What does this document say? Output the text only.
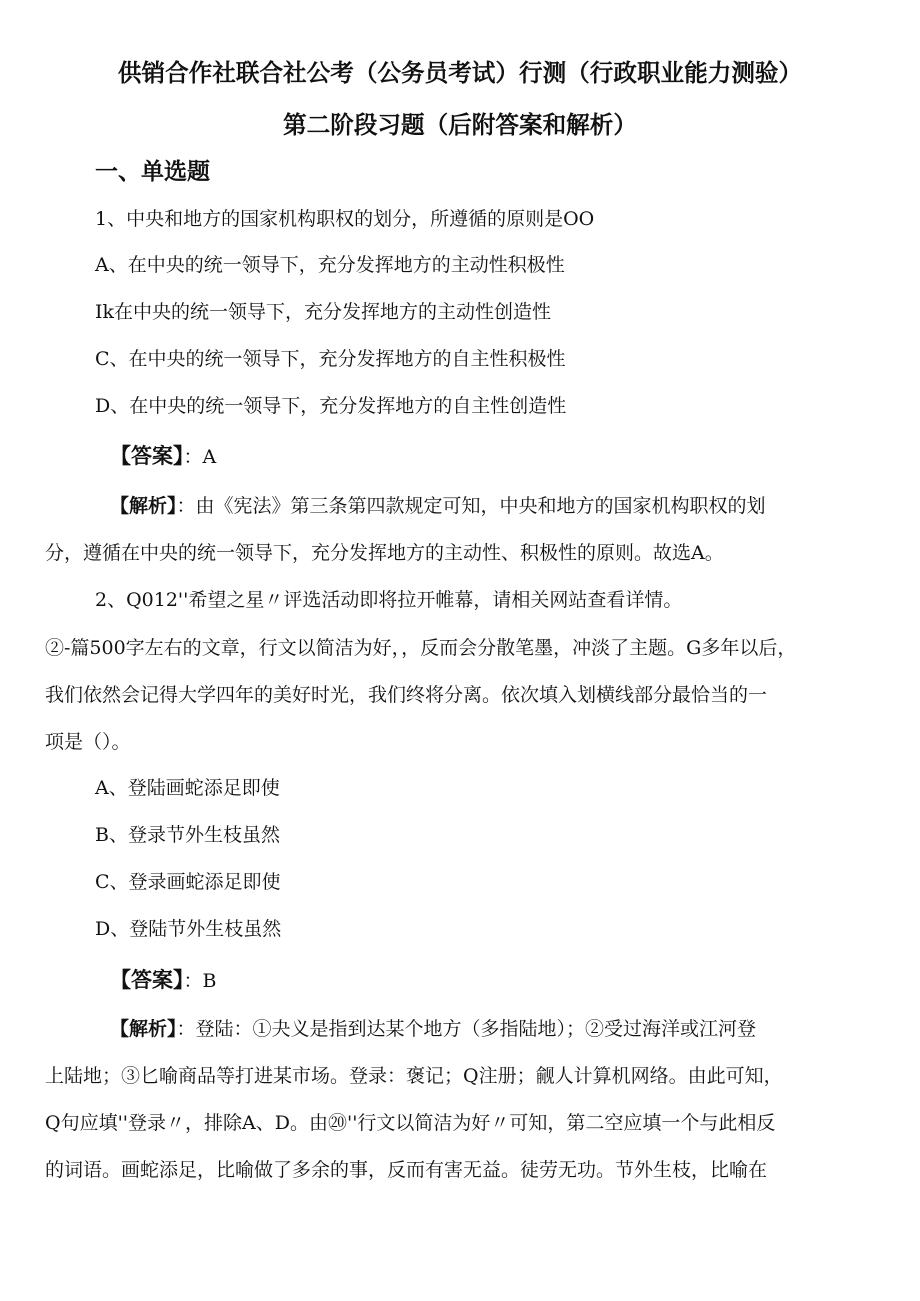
供销合作社联合社公考（公务员考试）行测（行政职业能力测验）
第二阶段习题（后附答案和解析）
一、单选题
1、中央和地方的国家机构职权的划分，所遵循的原则是OO
A、在中央的统一领导下，充分发挥地方的主动性积极性
Ik在中央的统一领导下，充分发挥地方的主动性创造性
C、在中央的统一领导下，充分发挥地方的自主性积极性
D、在中央的统一领导下，充分发挥地方的自主性创造性
【答案】：A
【解析】：由《宪法》第三条第四款规定可知，中央和地方的国家机构职权的划
分，遵循在中央的统一领导下，充分发挥地方的主动性、积极性的原则。故选A。
2、Q012''希望之星〃评选活动即将拉开帷幕，请相关网站查看详情。
②-篇500字左右的文章，行文以简洁为好，，反而会分散笔墨，冲淡了主题。G多年以后，
我们依然会记得大学四年的美好时光，我们终将分离。依次填入划横线部分最恰当的一
项是（）。
A、登陆画蛇添足即使
B、登录节外生枝虽然
C、登录画蛇添足即使
D、登陆节外生枝虽然
【答案】：B
【解析】：登陆：①夬义是指到达某个地方（多指陆地）；②受过海洋或江河登
上陆地；③匕喻商品等打进某市场。登录：褒记；Q注册；觎人计算机网络。由此可知，
Q句应填''登录〃，排除A、D。由⑳''行文以简洁为好〃可知，第二空应填一个与此相反
的词语。画蛇添足，比喻做了多余的事，反而有害无益。徒劳无功。节外生枝，比喻在
